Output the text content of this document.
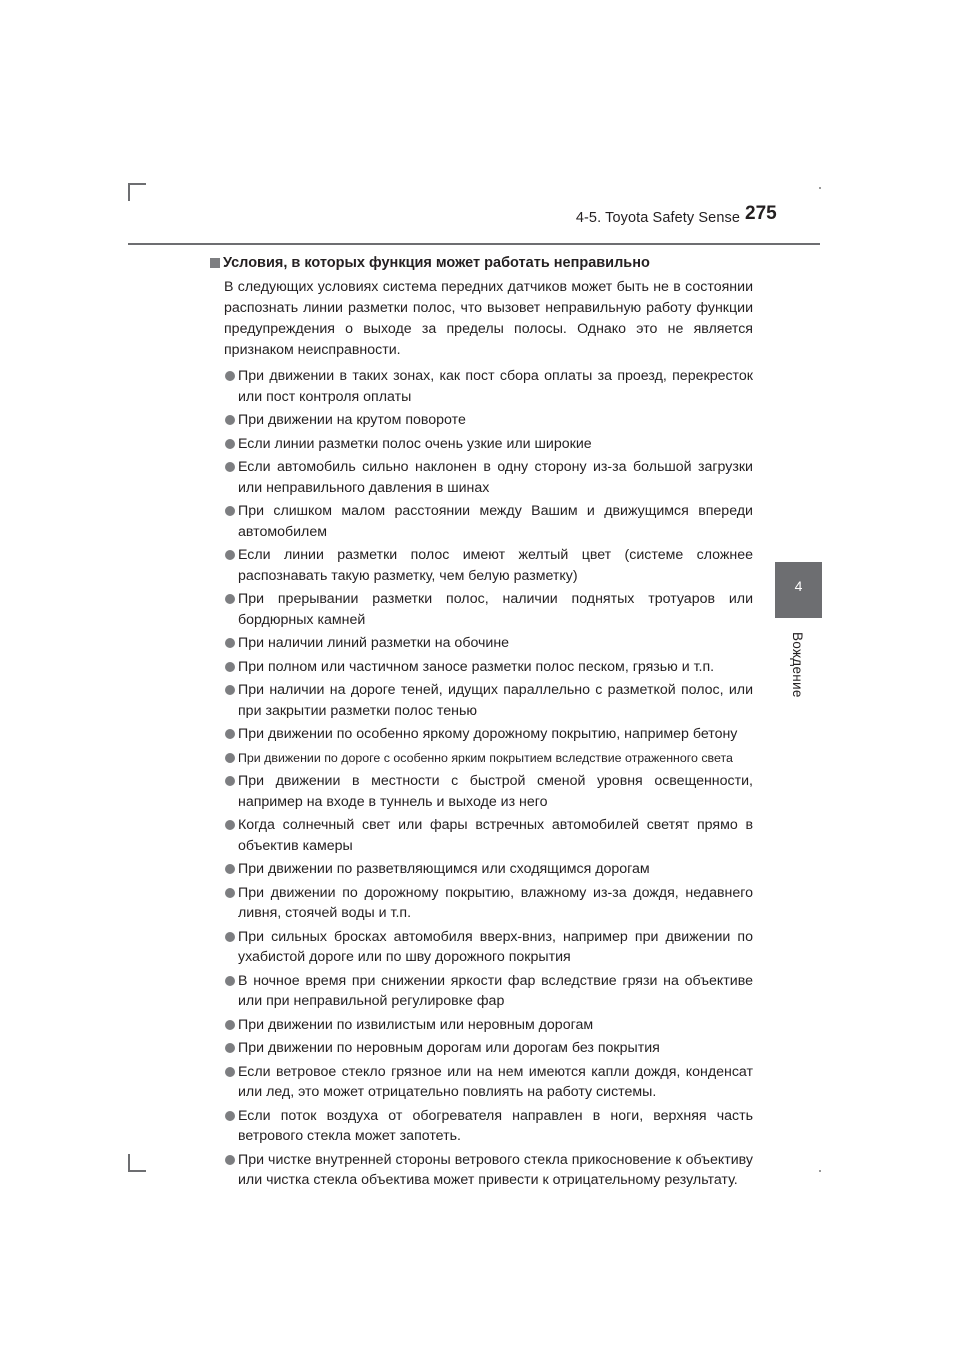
4-5. Toyota Safety Sense 275
4
Вождение
Условия, в которых функция может работать неправильно
В следующих условиях система передних датчиков может быть не в состоянии распознать линии разметки полос, что вызовет неправильную работу функции предупреждения о выходе за пределы полосы. Однако это не является признаком неисправности.
При движении в таких зонах, как пост сбора оплаты за проезд, перекресток или пост контроля оплаты
При движении на крутом повороте
Если линии разметки полос очень узкие или широкие
Если автомобиль сильно наклонен в одну сторону из-за большой загрузки или неправильного давления в шинах
При слишком малом расстоянии между Вашим и движущимся впереди автомобилем
Если линии разметки полос имеют желтый цвет (системе сложнее распознавать такую разметку, чем белую разметку)
При прерывании разметки полос, наличии поднятых тротуаров или бордюрных камней
При наличии линий разметки на обочине
При полном или частичном заносе разметки полос песком, грязью и т.п.
При наличии на дороге теней, идущих параллельно с разметкой полос, или при закрытии разметки полос тенью
При движении по особенно яркому дорожному покрытию, например бетону
При движении по дороге с особенно ярким покрытием вследствие отраженного света
При движении в местности с быстрой сменой уровня освещенности, например на входе в туннель и выходе из него
Когда солнечный свет или фары встречных автомобилей светят прямо в объектив камеры
При движении по разветвляющимся или сходящимся дорогам
При движении по дорожному покрытию, влажному из-за дождя, недавнего ливня, стоячей воды и т.п.
При сильных бросках автомобиля вверх-вниз, например при движении по ухабистой дороге или по шву дорожного покрытия
В ночное время при снижении яркости фар вследствие грязи на объективе или при неправильной регулировке фар
При движении по извилистым или неровным дорогам
При движении по неровным дорогам или дорогам без покрытия
Если ветровое стекло грязное или на нем имеются капли дождя, конденсат или лед, это может отрицательно повлиять на работу системы.
Если поток воздуха от обогревателя направлен в ноги, верхняя часть ветрового стекла может запотеть.
При чистке внутренней стороны ветрового стекла прикосновение к объективу или чистка стекла объектива может привести к отрицательному результату.
